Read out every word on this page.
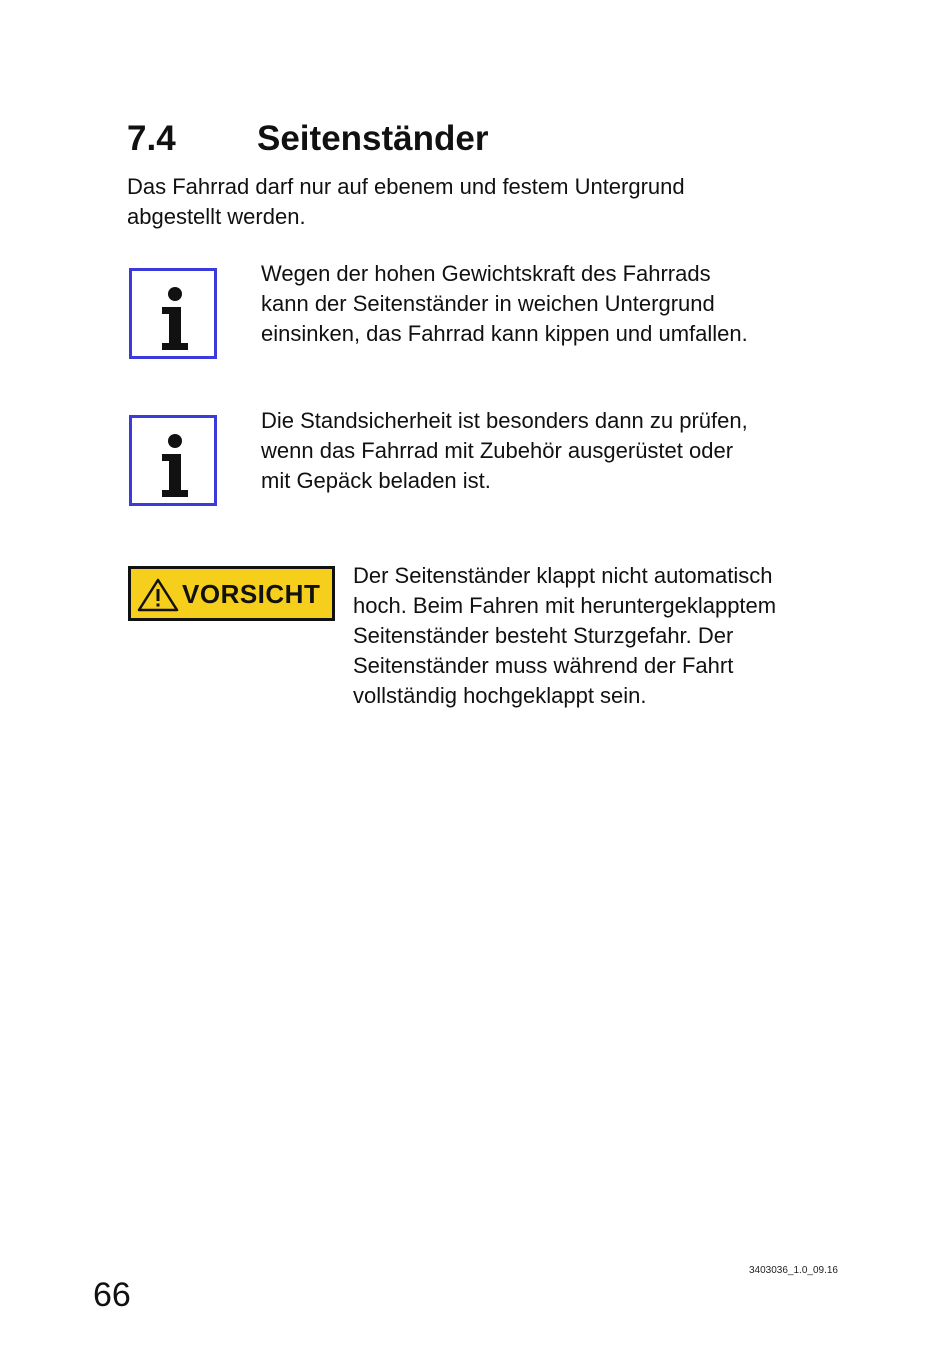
7.4 Seitenständer
Das Fahrrad darf nur auf ebenem und festem Untergrund
abgestellt werden.
Wegen der hohen Gewichtskraft des Fahrrads
kann der Seitenständer in weichen Untergrund
einsinken, das Fahrrad kann kippen und umfallen.
Die Standsicherheit ist besonders dann zu prüfen,
wenn das Fahrrad mit Zubehör ausgerüstet oder
mit Gepäck beladen ist.
VORSICHT
Der Seitenständer klappt nicht automatisch
hoch. Beim Fahren mit heruntergeklapptem
Seitenständer besteht Sturzgefahr. Der
Seitenständer muss während der Fahrt
vollständig hochgeklappt sein.
3403036_1.0_09.16
66
